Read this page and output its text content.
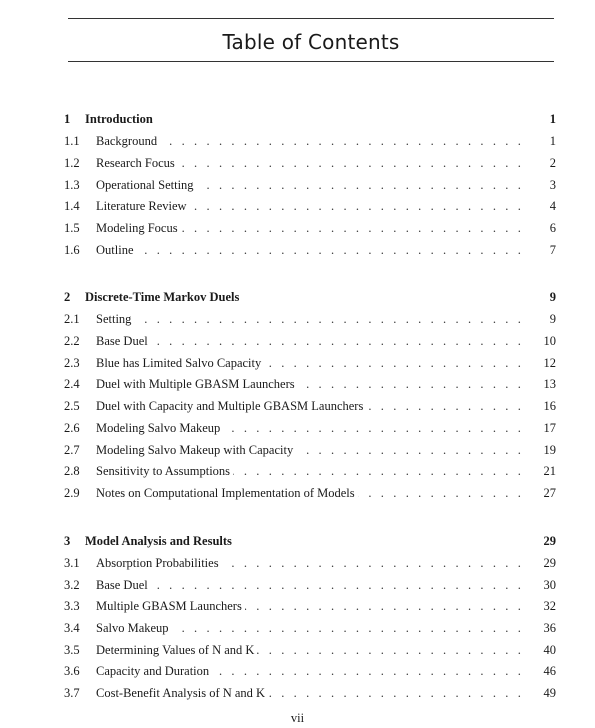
Table of Contents
1 Introduction	1
1.1 Background . . .	1
1.2 Research Focus . . .	2
1.3 Operational Setting . . .	3
1.4 Literature Review . . .	4
1.5 Modeling Focus . . .	6
1.6 Outline . . .	7
2 Discrete-Time Markov Duels	9
2.1 Setting . . .	9
2.2 Base Duel . . .	10
2.3 Blue has Limited Salvo Capacity . . .	12
2.4 Duel with Multiple GBASM Launchers . . .	13
2.5 Duel with Capacity and Multiple GBASM Launchers . . .	16
2.6 Modeling Salvo Makeup . . .	17
2.7 Modeling Salvo Makeup with Capacity . . .	19
2.8 Sensitivity to Assumptions . . .	21
2.9 Notes on Computational Implementation of Models . . .	27
3 Model Analysis and Results	29
3.1 Absorption Probabilities . . .	29
3.2 Base Duel . . .	30
3.3 Multiple GBASM Launchers . . .	32
3.4 Salvo Makeup . . .	36
3.5 Determining Values of N and K . . .	40
3.6 Capacity and Duration . . .	46
3.7 Cost-Benefit Analysis of N and K . . .	49
vii
